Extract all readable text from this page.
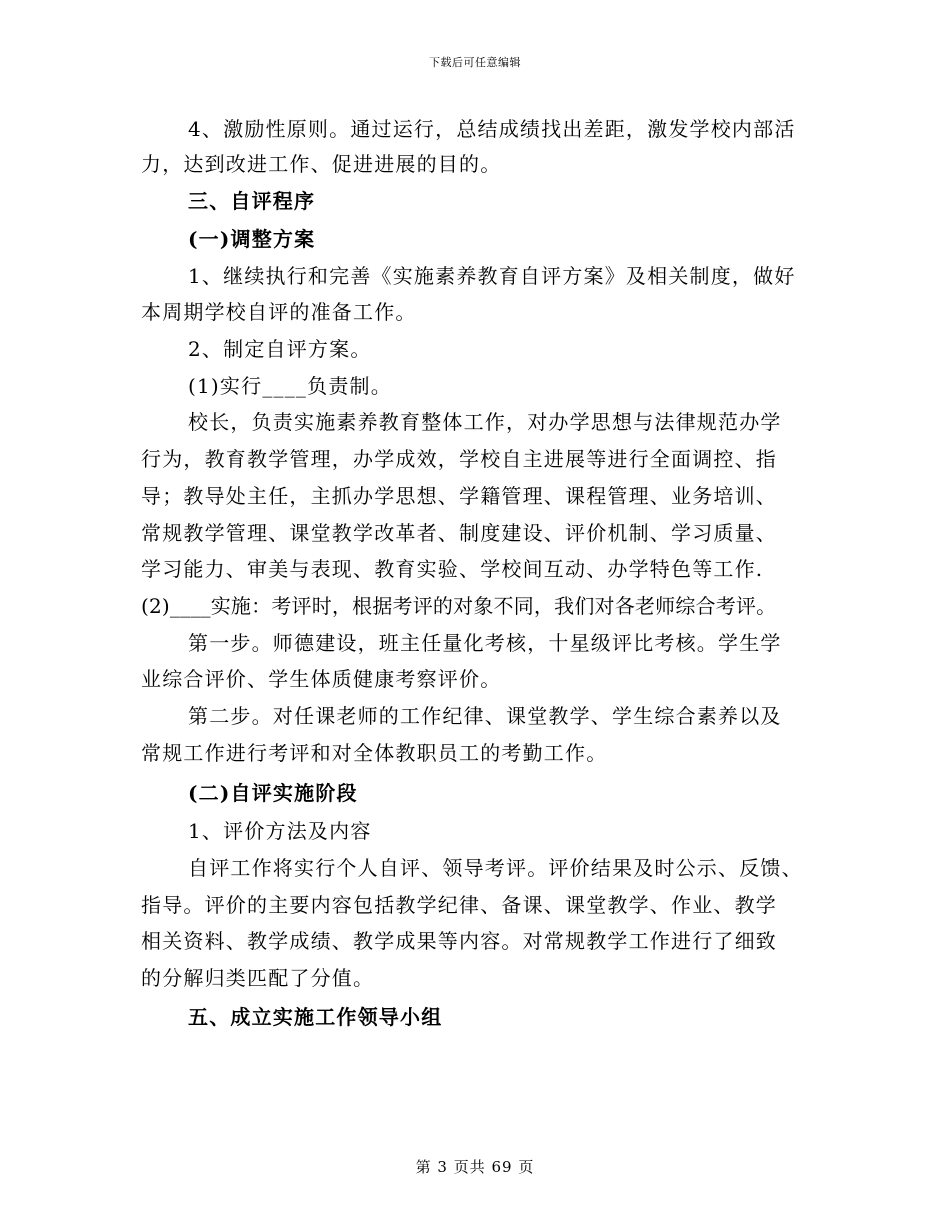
下载后可任意编辑
4、激励性原则。通过运行，总结成绩找出差距，激发学校内部活
力，达到改进工作、促进进展的目的。
三、自评程序
(一)调整方案
1、继续执行和完善《实施素养教育自评方案》及相关制度，做好
本周期学校自评的准备工作。
2、制定自评方案。
(1)实行____负责制。
校长，负责实施素养教育整体工作，对办学思想与法律规范办学
行为，教育教学管理，办学成效，学校自主进展等进行全面调控、指
导；教导处主任，主抓办学思想、学籍管理、课程管理、业务培训、
常规教学管理、课堂教学改革者、制度建设、评价机制、学习质量、
学习能力、审美与表现、教育实验、学校间互动、办学特色等工作.
(2)____实施：考评时，根据考评的对象不同，我们对各老师综合考评。
第一步。师德建设，班主任量化考核，十星级评比考核。学生学
业综合评价、学生体质健康考察评价。
第二步。对任课老师的工作纪律、课堂教学、学生综合素养以及
常规工作进行考评和对全体教职员工的考勤工作。
(二)自评实施阶段
1、评价方法及内容
自评工作将实行个人自评、领导考评。评价结果及时公示、反馈、
指导。评价的主要内容包括教学纪律、备课、课堂教学、作业、教学
相关资料、教学成绩、教学成果等内容。对常规教学工作进行了细致
的分解归类匹配了分值。
五、成立实施工作领导小组
第 3 页共 69 页
